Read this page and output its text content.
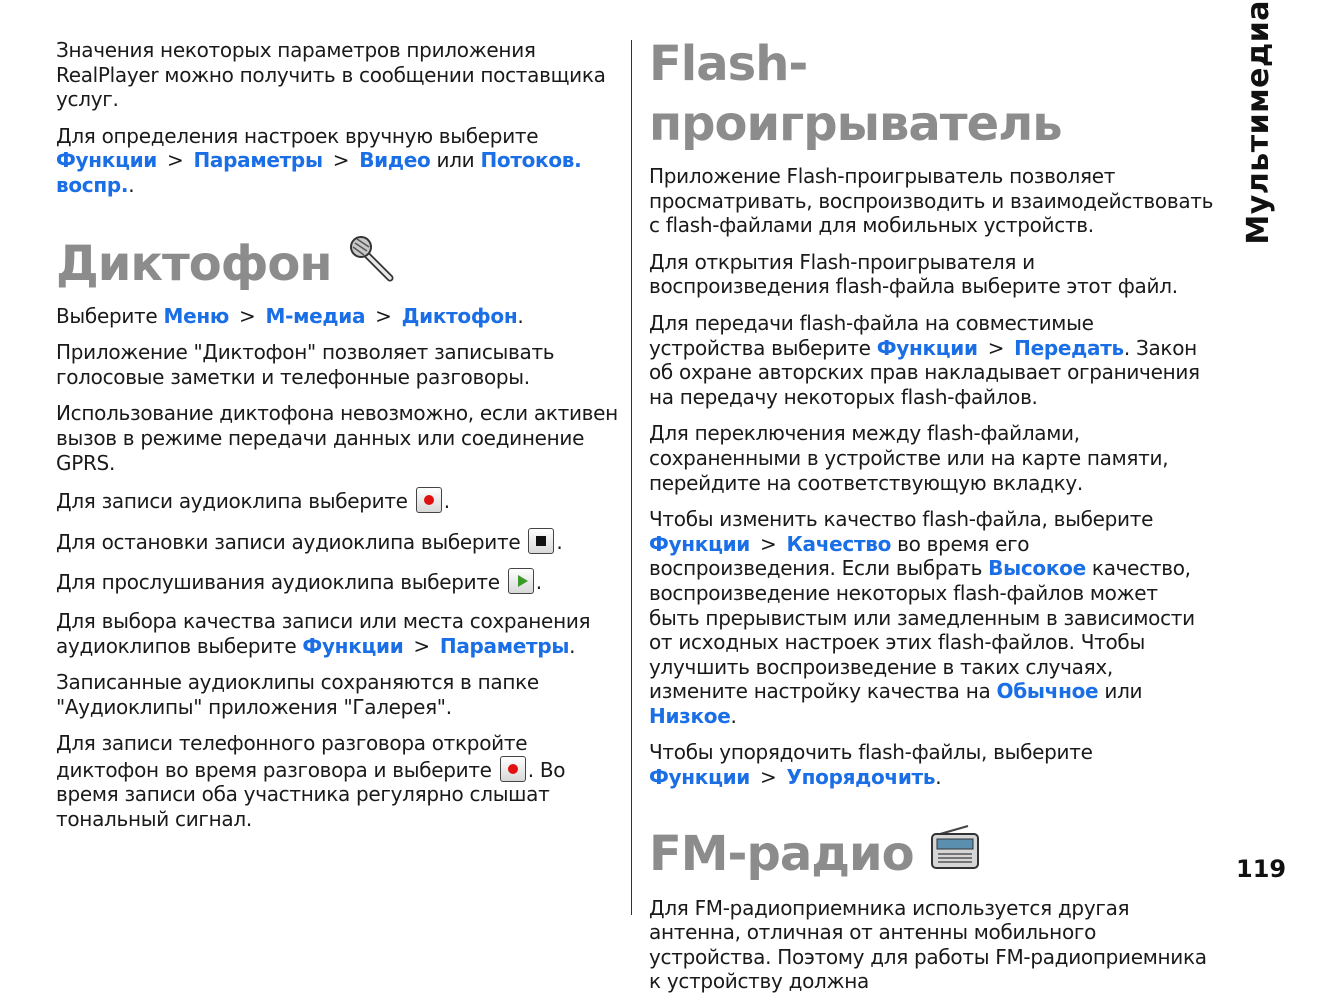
Мультимедиа
119

Значения некоторых параметров приложения RealPlayer можно получить в сообщении поставщика услуг.

Для определения настроек вручную выберите Функции > Параметры > Видео или Потоков. воспр..

Диктофон

Выберите Меню > М-медиа > Диктофон.

Приложение "Диктофон" позволяет записывать голосовые заметки и телефонные разговоры.

Использование диктофона невозможно, если активен вызов в режиме передачи данных или соединение GPRS.

Для записи аудиоклипа выберите .

Для остановки записи аудиоклипа выберите .

Для прослушивания аудиоклипа выберите .

Для выбора качества записи или места сохранения аудиоклипов выберите Функции > Параметры.

Записанные аудиоклипы сохраняются в папке "Аудиоклипы" приложения "Галерея".

Для записи телефонного разговора откройте диктофон во время разговора и выберите . Во время записи оба участника регулярно слышат тональный сигнал.

Flash-проигрыватель

Приложение Flash-проигрыватель позволяет просматривать, воспроизводить и взаимодействовать с flash-файлами для мобильных устройств.

Для открытия Flash-проигрывателя и воспроизведения flash-файла выберите этот файл.

Для передачи flash-файла на совместимые устройства выберите Функции > Передать. Закон об охране авторских прав накладывает ограничения на передачу некоторых flash-файлов.

Для переключения между flash-файлами, сохраненными в устройстве или на карте памяти, перейдите на соответствующую вкладку.

Чтобы изменить качество flash-файла, выберите Функции > Качество во время его воспроизведения. Если выбрать Высокое качество, воспроизведение некоторых flash-файлов может быть прерывистым или замедленным в зависимости от исходных настроек этих flash-файлов. Чтобы улучшить воспроизведение в таких случаях, измените настройку качества на Обычное или Низкое.

Чтобы упорядочить flash-файлы, выберите Функции > Упорядочить.

FM-радио

Для FM-радиоприемника используется другая антенна, отличная от антенны мобильного устройства. Поэтому для работы FM-радиоприемника к устройству должна
